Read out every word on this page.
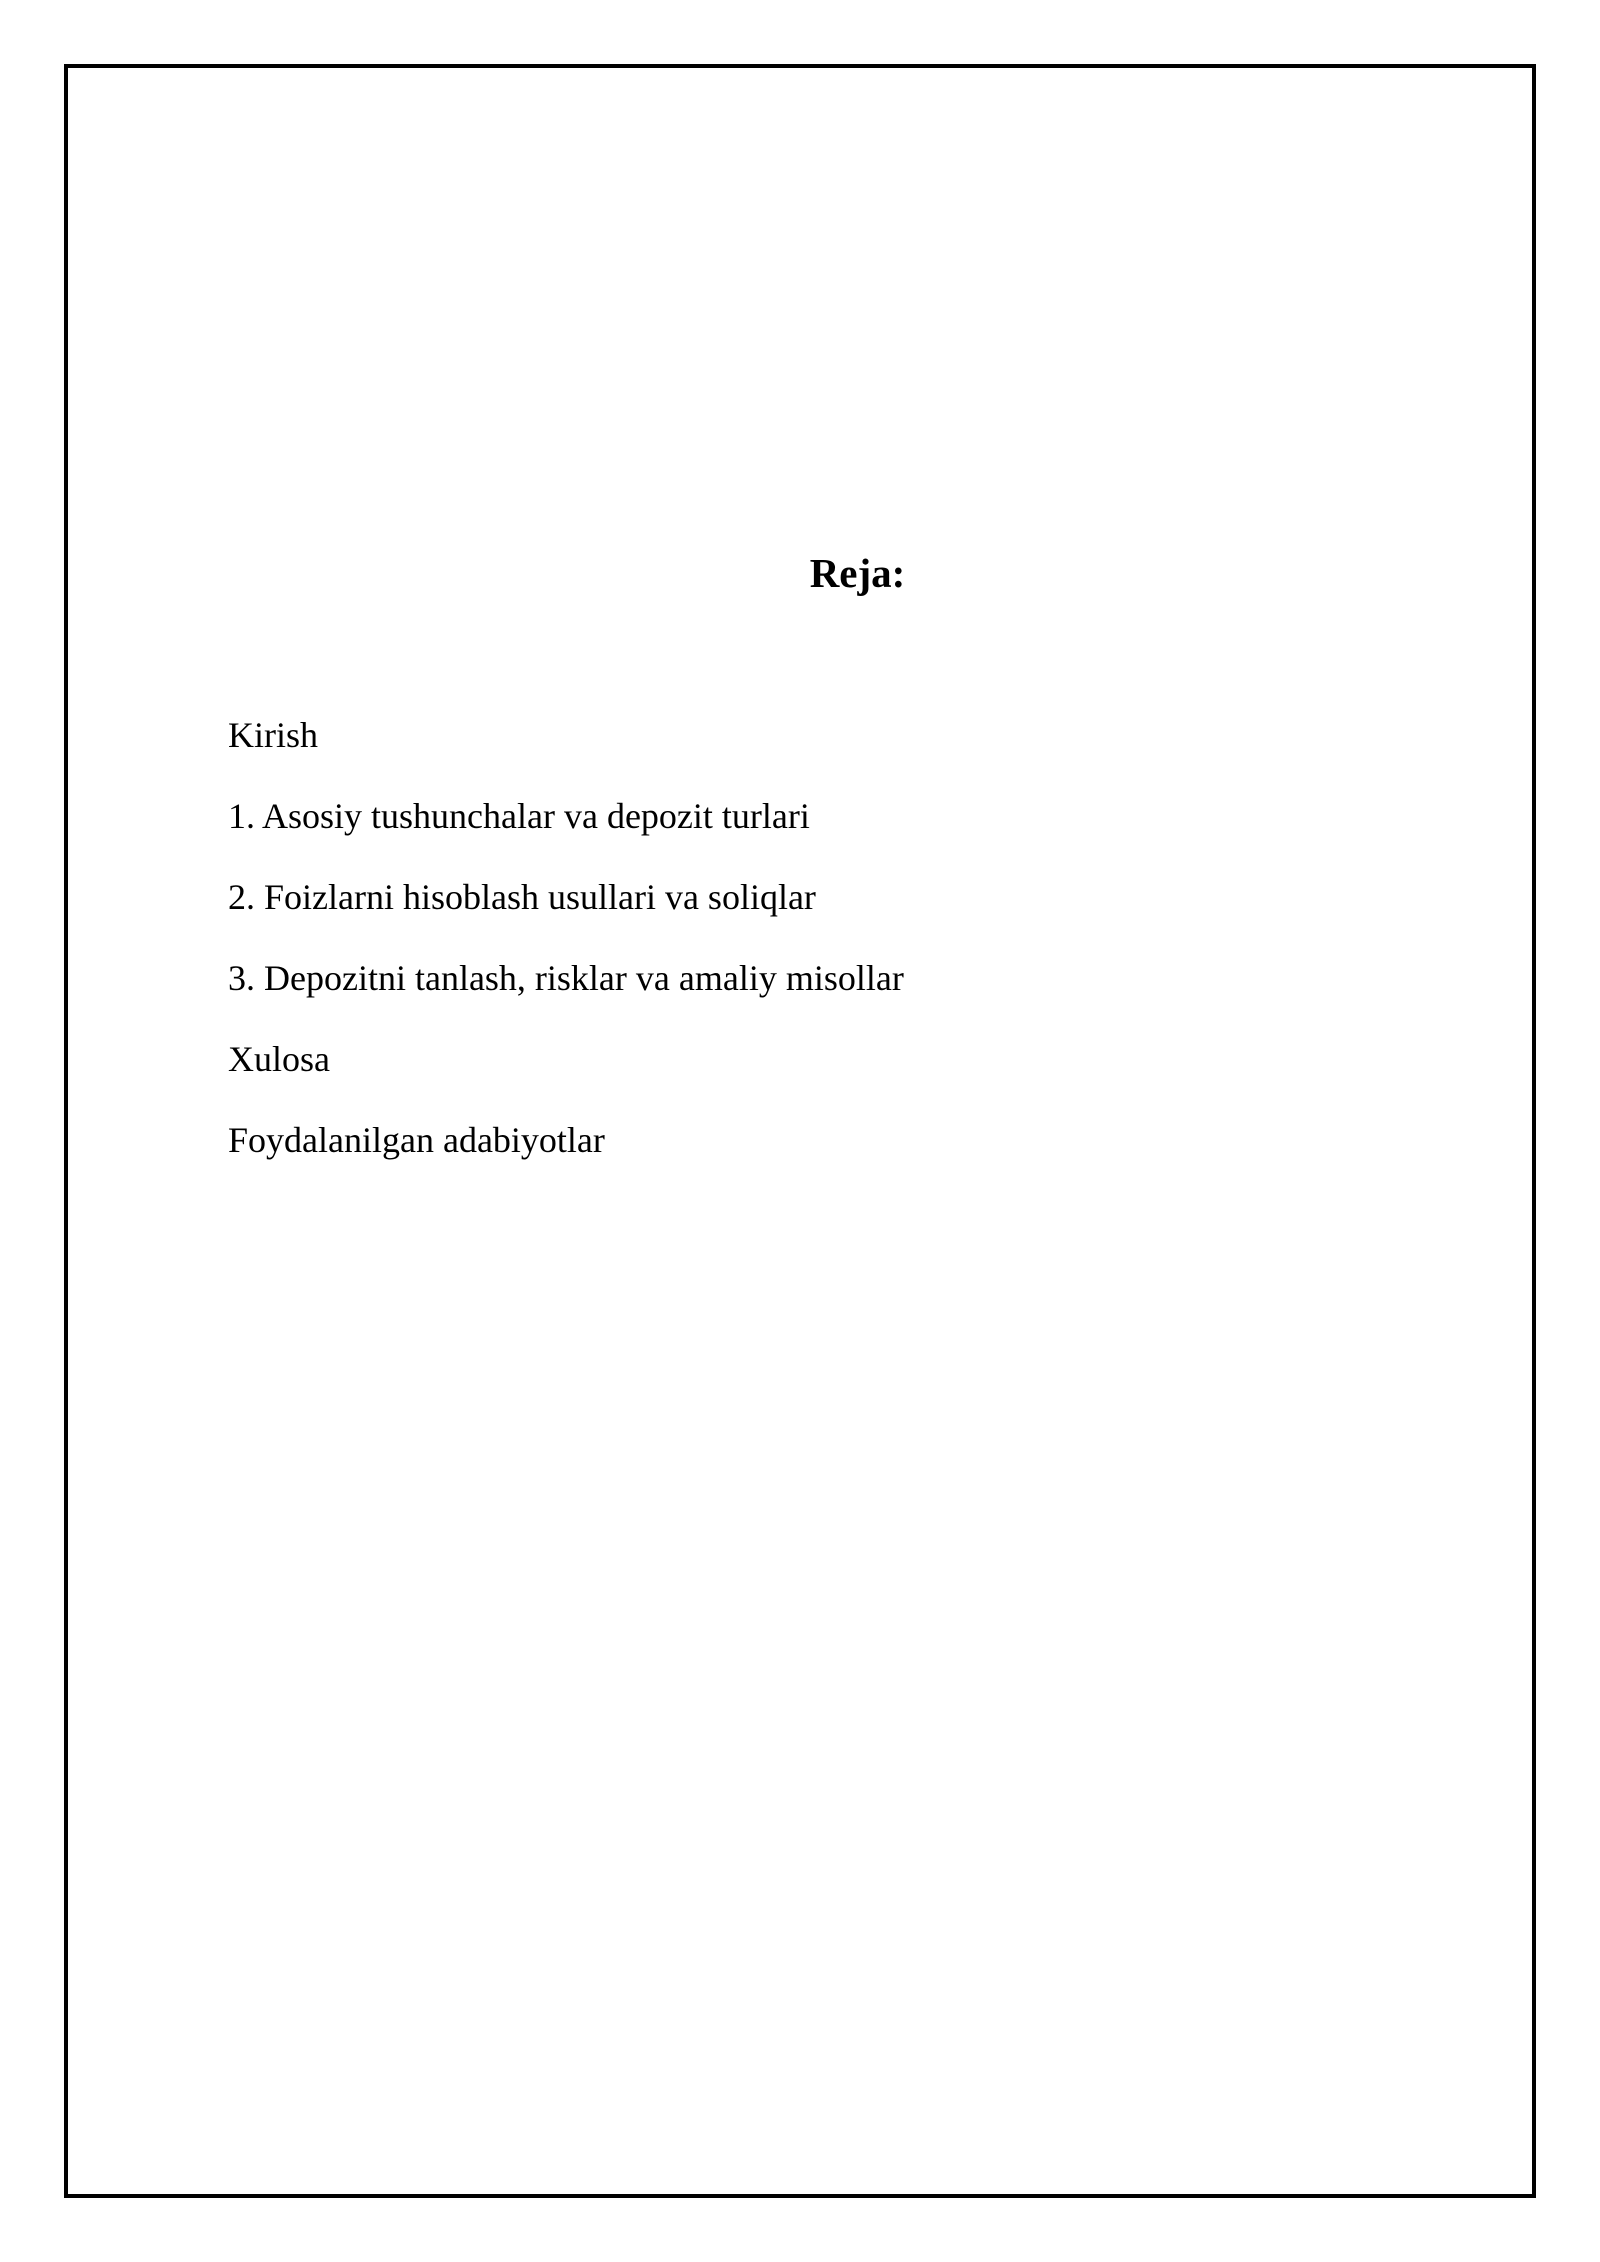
Reja:
Kirish
1. Asosiy tushunchalar va depozit turlari
2. Foizlarni hisoblash usullari va soliqlar
3. Depozitni tanlash, risklar va amaliy misollar
Xulosa
Foydalanilgan adabiyotlar
